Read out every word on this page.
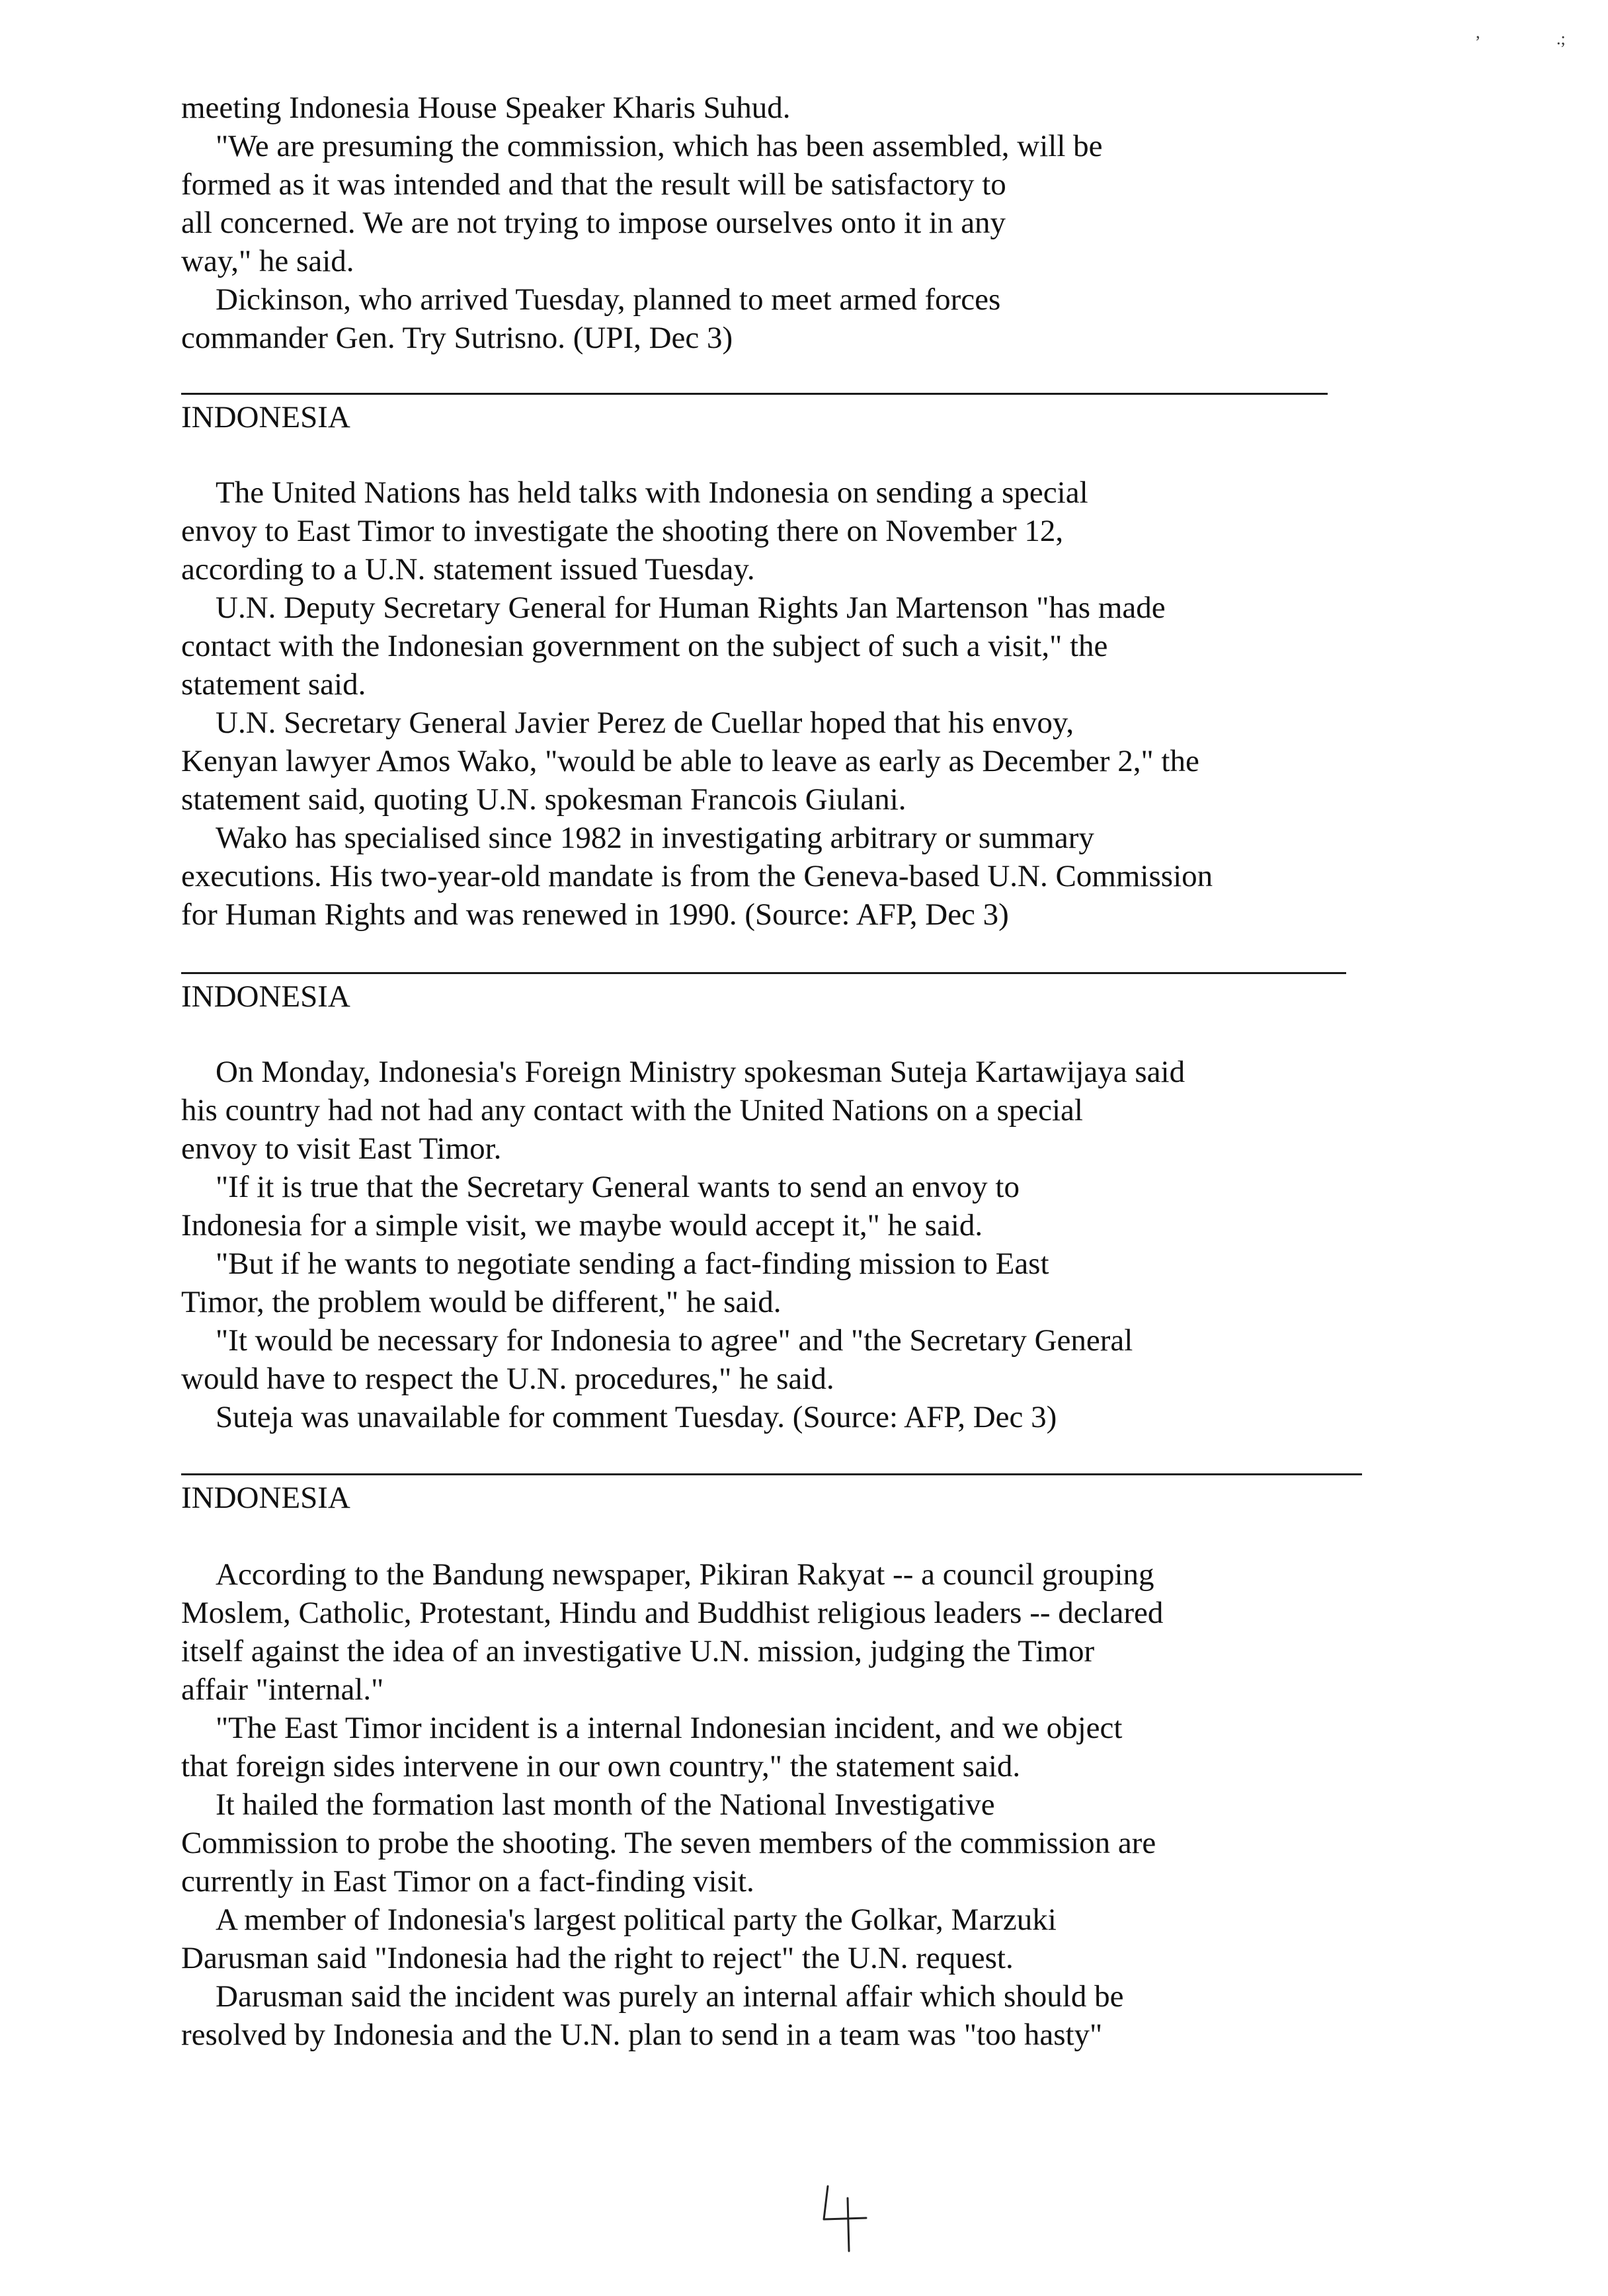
,	.;
meeting Indonesia House Speaker Kharis Suhud.
"We are presuming the commission, which has been assembled, will be
formed as it was intended and that the result will be satisfactory to
all concerned. We are not trying to impose ourselves onto it in any
way," he said.
Dickinson, who arrived Tuesday, planned to meet armed forces
commander Gen. Try Sutrisno. (UPI, Dec 3)
INDONESIA
The United Nations has held talks with Indonesia on sending a special
envoy to East Timor to investigate the shooting there on November 12,
according to a U.N. statement issued Tuesday.
U.N. Deputy Secretary General for Human Rights Jan Martenson "has made
contact with the Indonesian government on the subject of such a visit," the
statement said.
U.N. Secretary General Javier Perez de Cuellar hoped that his envoy,
Kenyan lawyer Amos Wako, "would be able to leave as early as December 2," the
statement said, quoting U.N. spokesman Francois Giulani.
Wako has specialised since 1982 in investigating arbitrary or summary
executions. His two-year-old mandate is from the Geneva-based U.N. Commission
for Human Rights and was renewed in 1990. (Source: AFP, Dec 3)
INDONESIA
On Monday, Indonesia's Foreign Ministry spokesman Suteja Kartawijaya said
his country had not had any contact with the United Nations on a special
envoy to visit East Timor.
"If it is true that the Secretary General wants to send an envoy to
Indonesia for a simple visit, we maybe would accept it," he said.
"But if he wants to negotiate sending a fact-finding mission to East
Timor, the problem would be different," he said.
"It would be necessary for Indonesia to agree" and "the Secretary General
would have to respect the U.N. procedures," he said.
Suteja was unavailable for comment Tuesday. (Source: AFP, Dec 3)
INDONESIA
According to the Bandung newspaper, Pikiran Rakyat -- a council grouping
Moslem, Catholic, Protestant, Hindu and Buddhist religious leaders -- declared
itself against the idea of an investigative U.N. mission, judging the Timor
affair "internal."
"The East Timor incident is a internal Indonesian incident, and we object
that foreign sides intervene in our own country," the statement said.
It hailed the formation last month of the National Investigative
Commission to probe the shooting. The seven members of the commission are
currently in East Timor on a fact-finding visit.
A member of Indonesia's largest political party the Golkar, Marzuki
Darusman said "Indonesia had the right to reject" the U.N. request.
Darusman said the incident was purely an internal affair which should be
resolved by Indonesia and the U.N. plan to send in a team was "too hasty"
